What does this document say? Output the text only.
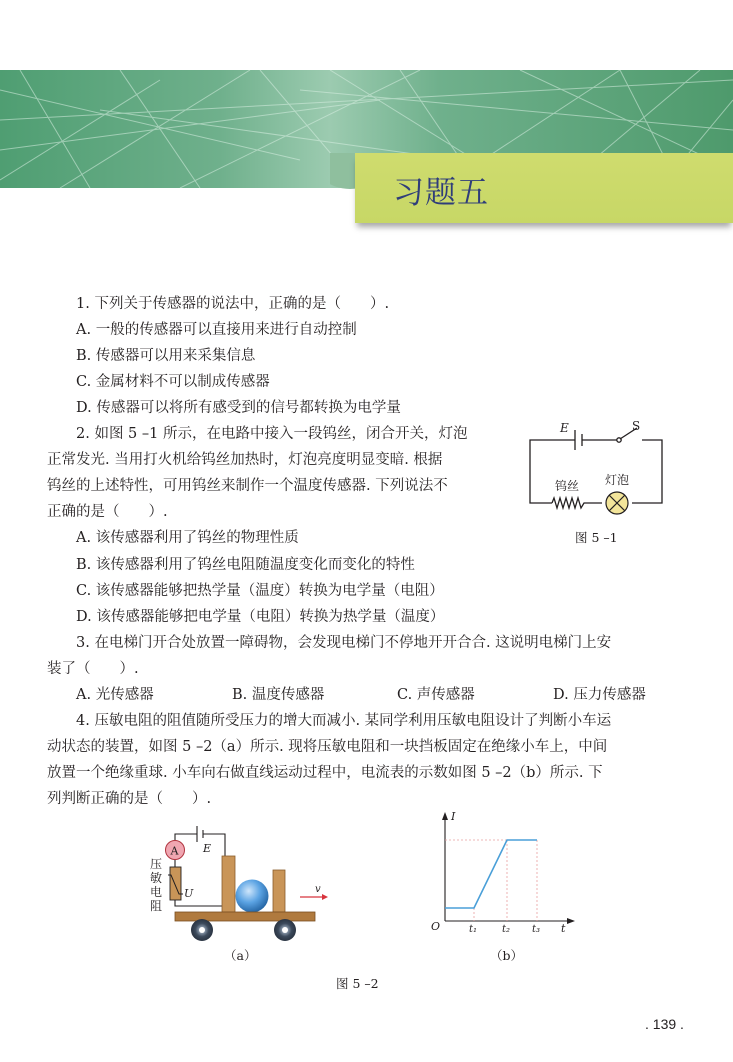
习题五
1. 下列关于传感器的说法中，正确的是（　　）.
A. 一般的传感器可以直接用来进行自动控制
B. 传感器可以用来采集信息
C. 金属材料不可以制成传感器
D. 传感器可以将所有感受到的信号都转换为电学量
2. 如图 5 –1 所示，在电路中接入一段钨丝，闭合开关，灯泡
正常发光. 当用打火机给钨丝加热时，灯泡亮度明显变暗. 根据
钨丝的上述特性，可用钨丝来制作一个温度传感器. 下列说法不
正确的是（　　）.
A. 该传感器利用了钨丝的物理性质
B. 该传感器利用了钨丝电阻随温度变化而变化的特性
C. 该传感器能够把热学量（温度）转换为电学量（电阻）
D. 该传感器能够把电学量（电阻）转换为热学量（温度）
E	S
钨丝 灯泡
图 5 –1
3. 在电梯门开合处放置一障碍物，会发现电梯门不停地开开合合. 这说明电梯门上安
装了（　　）.
A. 光传感器	B. 温度传感器	C. 声传感器	D. 压力传感器
4. 压敏电阻的阻值随所受压力的增大而减小. 某同学利用压敏电阻设计了判断小车运
动状态的装置，如图 5 –2（a）所示. 现将压敏电阻和一块挡板固定在绝缘小车上，中间
放置一个绝缘重球. 小车向右做直线运动过程中，电流表的示数如图 5 –2（b）所示. 下
列判断正确的是（　　）.
A E
U
压
敏
电
阻
v
（a）
I
O	t₁ t₂ t₃ t
（b）
图 5 –2
. 139 .
